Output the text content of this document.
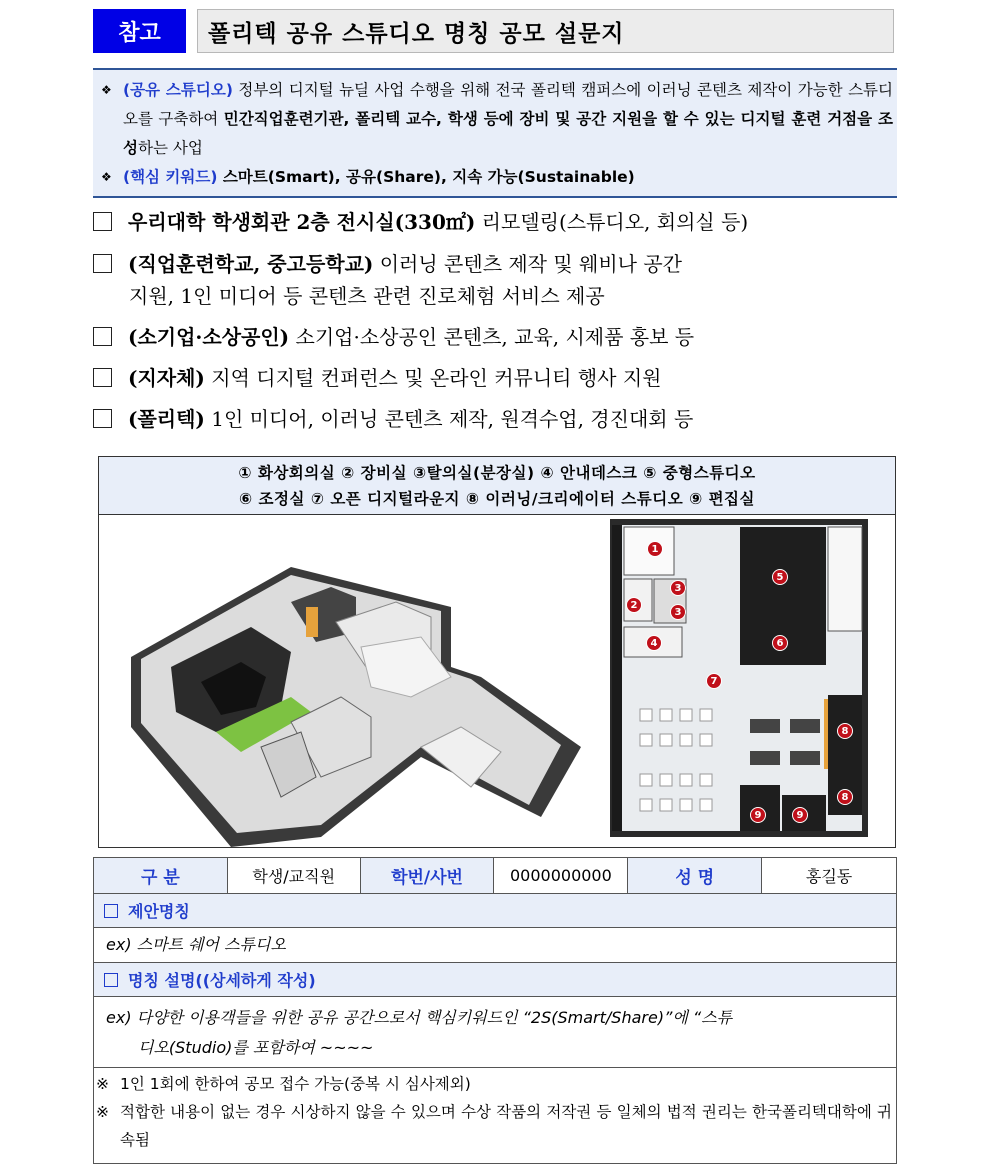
참고	폴리텍 공유 스튜디오 명칭 공모 설문지
❖ (공유 스튜디오) 정부의 디지털 뉴딜 사업 수행을 위해 전국 폴리텍 캠퍼스에 이러닝 콘텐츠 제작이 가능한 스튜디오를 구축하여 민간직업훈련기관, 폴리텍 교수, 학생 등에 장비 및 공간 지원을 할 수 있는 디지털 훈련 거점을 조성하는 사업
❖ (핵심 키워드) 스마트(Smart), 공유(Share), 지속 가능(Sustainable)
우리대학 학생회관 2층 전시실(330㎡) 리모델링(스튜디오, 회의실 등)
(직업훈련학교, 중고등학교) 이러닝 콘텐츠 제작 및 웨비나 공간
지원, 1인 미디어 등 콘텐츠 관련 진로체험 서비스 제공
(소기업·소상공인) 소기업·소상공인 콘텐츠, 교육, 시제품 홍보 등
(지자체) 지역 디지털 컨퍼런스 및 온라인 커뮤니티 행사 지원
(폴리텍) 1인 미디어, 이러닝 콘텐츠 제작, 원격수업, 경진대회 등
① 화상회의실 ② 장비실 ③탈의실(분장실) ④ 안내데스크 ⑤ 중형스튜디오
⑥ 조정실 ⑦ 오픈 디지털라운지 ⑧ 이러닝/크리에이터 스튜디오 ⑨ 편집실
1
2
3
3
4
5
6
7
8
8
9	9
구 분	학생/교직원	학번/사번	0000000000	성 명	홍길동
제안명칭
ex) 스마트 쉐어 스튜디오
명칭 설명((상세하게 작성)
ex) 다양한 이용객들을 위한 공유 공간으로서 핵심키워드인 “2S(Smart/Share)”에 “스튜
디오(Studio)를 포함하여 ~~~~
※ 1인 1회에 한하여 공모 접수 가능(중복 시 심사제외)
※ 적합한 내용이 없는 경우 시상하지 않을 수 있으며 수상 작품의 저작권 등 일체의 법적 권리는 한국폴리텍대학에 귀속됨
